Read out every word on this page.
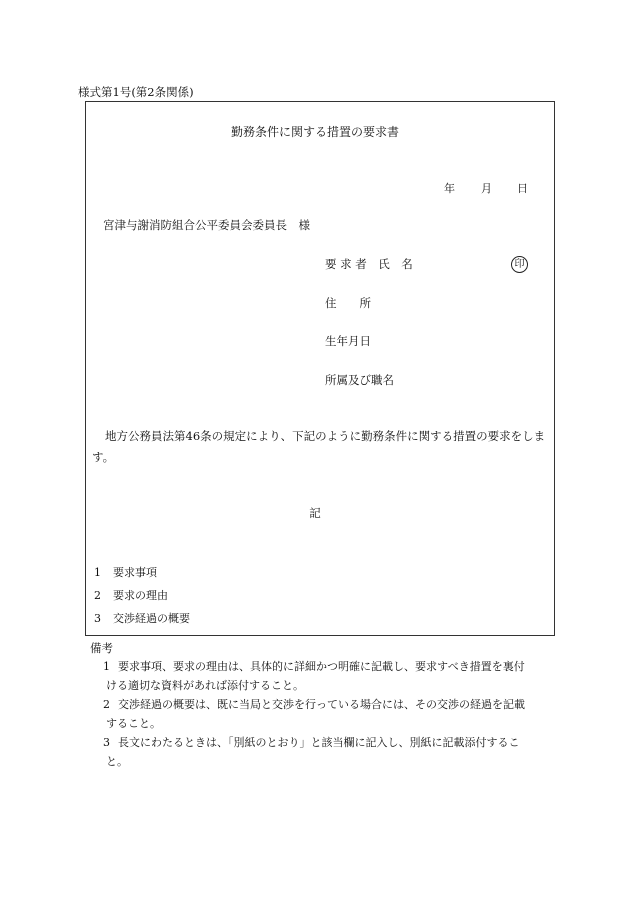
様式第1号(第2条関係)
勤務条件に関する措置の要求書
年 月 日
宮津与謝消防組合公平委員会委員長　様
要 求 者　氏　名	印
住　　所
生年月日
所属及び職名
地方公務員法第46条の規定により、下記のように勤務条件に関する措置の要求をします。
記
1 要求事項
2 要求の理由
3 交渉経過の概要
備考
1 要求事項、要求の理由は、具体的に詳細かつ明確に記載し、要求すべき措置を裏付
ける適切な資料があれば添付すること。
2 交渉経過の概要は、既に当局と交渉を行っている場合には、その交渉の経過を記載
すること。
3 長文にわたるときは、「別紙のとおり」と該当欄に記入し、別紙に記載添付するこ
と。
